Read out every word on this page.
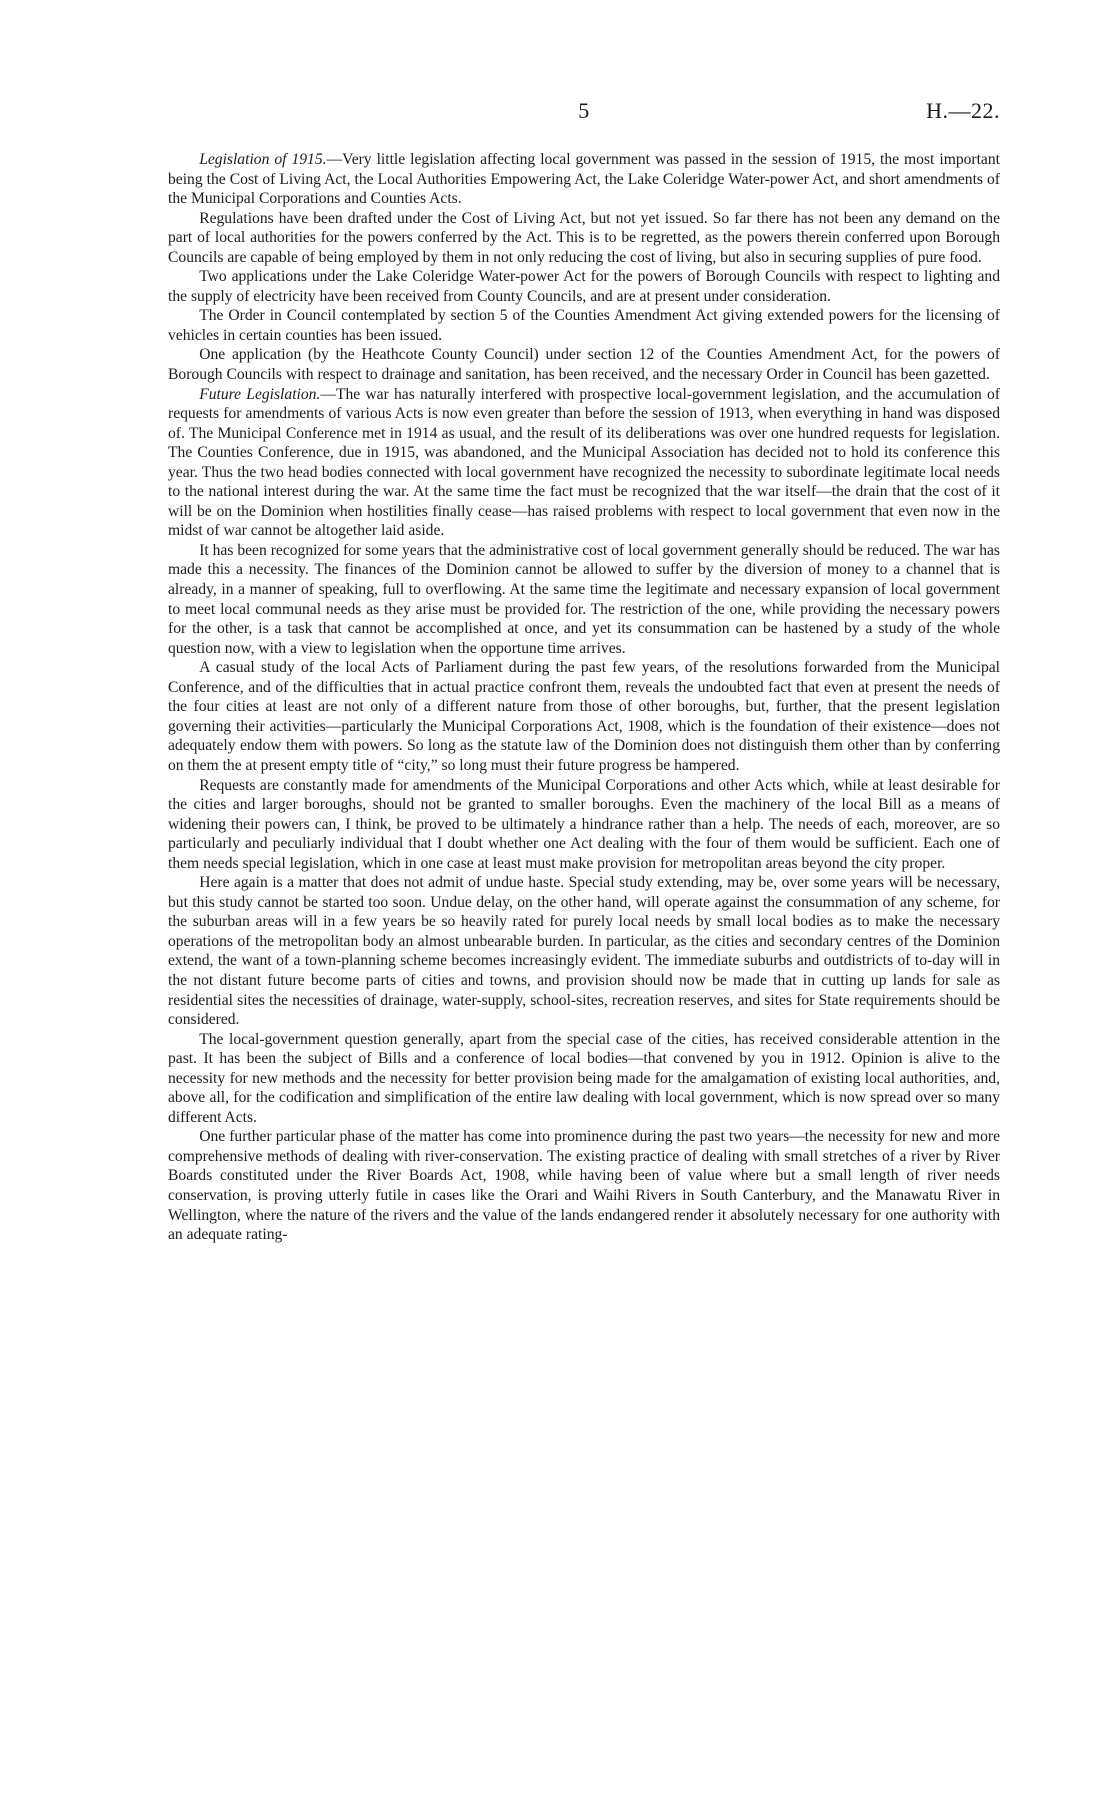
5	H.—22.

Legislation of 1915.—Very little legislation affecting local government was passed in the session of 1915, the most important being the Cost of Living Act, the Local Authorities Empowering Act, the Lake Coleridge Water-power Act, and short amendments of the Municipal Corporations and Counties Acts.

Regulations have been drafted under the Cost of Living Act, but not yet issued. So far there has not been any demand on the part of local authorities for the powers conferred by the Act. This is to be regretted, as the powers therein conferred upon Borough Councils are capable of being employed by them in not only reducing the cost of living, but also in securing supplies of pure food.

Two applications under the Lake Coleridge Water-power Act for the powers of Borough Councils with respect to lighting and the supply of electricity have been received from County Councils, and are at present under consideration.

The Order in Council contemplated by section 5 of the Counties Amendment Act giving extended powers for the licensing of vehicles in certain counties has been issued.

One application (by the Heathcote County Council) under section 12 of the Counties Amendment Act, for the powers of Borough Councils with respect to drainage and sanitation, has been received, and the necessary Order in Council has been gazetted.

Future Legislation.—The war has naturally interfered with prospective local-government legislation, and the accumulation of requests for amendments of various Acts is now even greater than before the session of 1913, when everything in hand was disposed of. The Municipal Conference met in 1914 as usual, and the result of its deliberations was over one hundred requests for legislation. The Counties Conference, due in 1915, was abandoned, and the Municipal Association has decided not to hold its conference this year. Thus the two head bodies connected with local government have recognized the necessity to subordinate legitimate local needs to the national interest during the war. At the same time the fact must be recognized that the war itself—the drain that the cost of it will be on the Dominion when hostilities finally cease—has raised problems with respect to local government that even now in the midst of war cannot be altogether laid aside.

It has been recognized for some years that the administrative cost of local government generally should be reduced. The war has made this a necessity. The finances of the Dominion cannot be allowed to suffer by the diversion of money to a channel that is already, in a manner of speaking, full to overflowing. At the same time the legitimate and necessary expansion of local government to meet local communal needs as they arise must be provided for. The restriction of the one, while providing the necessary powers for the other, is a task that cannot be accomplished at once, and yet its consummation can be hastened by a study of the whole question now, with a view to legislation when the opportune time arrives.

A casual study of the local Acts of Parliament during the past few years, of the resolutions forwarded from the Municipal Conference, and of the difficulties that in actual practice confront them, reveals the undoubted fact that even at present the needs of the four cities at least are not only of a different nature from those of other boroughs, but, further, that the present legislation governing their activities—particularly the Municipal Corporations Act, 1908, which is the foundation of their existence—does not adequately endow them with powers. So long as the statute law of the Dominion does not distinguish them other than by conferring on them the at present empty title of “city,” so long must their future progress be hampered.

Requests are constantly made for amendments of the Municipal Corporations and other Acts which, while at least desirable for the cities and larger boroughs, should not be granted to smaller boroughs. Even the machinery of the local Bill as a means of widening their powers can, I think, be proved to be ultimately a hindrance rather than a help. The needs of each, moreover, are so particularly and peculiarly individual that I doubt whether one Act dealing with the four of them would be sufficient. Each one of them needs special legislation, which in one case at least must make provision for metropolitan areas beyond the city proper.

Here again is a matter that does not admit of undue haste. Special study extending, may be, over some years will be necessary, but this study cannot be started too soon. Undue delay, on the other hand, will operate against the consummation of any scheme, for the suburban areas will in a few years be so heavily rated for purely local needs by small local bodies as to make the necessary operations of the metropolitan body an almost unbearable burden. In particular, as the cities and secondary centres of the Dominion extend, the want of a town-planning scheme becomes increasingly evident. The immediate suburbs and outdistricts of to-day will in the not distant future become parts of cities and towns, and provision should now be made that in cutting up lands for sale as residential sites the necessities of drainage, water-supply, school-sites, recreation reserves, and sites for State requirements should be considered.

The local-government question generally, apart from the special case of the cities, has received considerable attention in the past. It has been the subject of Bills and a conference of local bodies—that convened by you in 1912. Opinion is alive to the necessity for new methods and the necessity for better provision being made for the amalgamation of existing local authorities, and, above all, for the codification and simplification of the entire law dealing with local government, which is now spread over so many different Acts.

One further particular phase of the matter has come into prominence during the past two years—the necessity for new and more comprehensive methods of dealing with river-conservation. The existing practice of dealing with small stretches of a river by River Boards constituted under the River Boards Act, 1908, while having been of value where but a small length of river needs conservation, is proving utterly futile in cases like the Orari and Waihi Rivers in South Canterbury, and the Manawatu River in Wellington, where the nature of the rivers and the value of the lands endangered render it absolutely necessary for one authority with an adequate rating-
